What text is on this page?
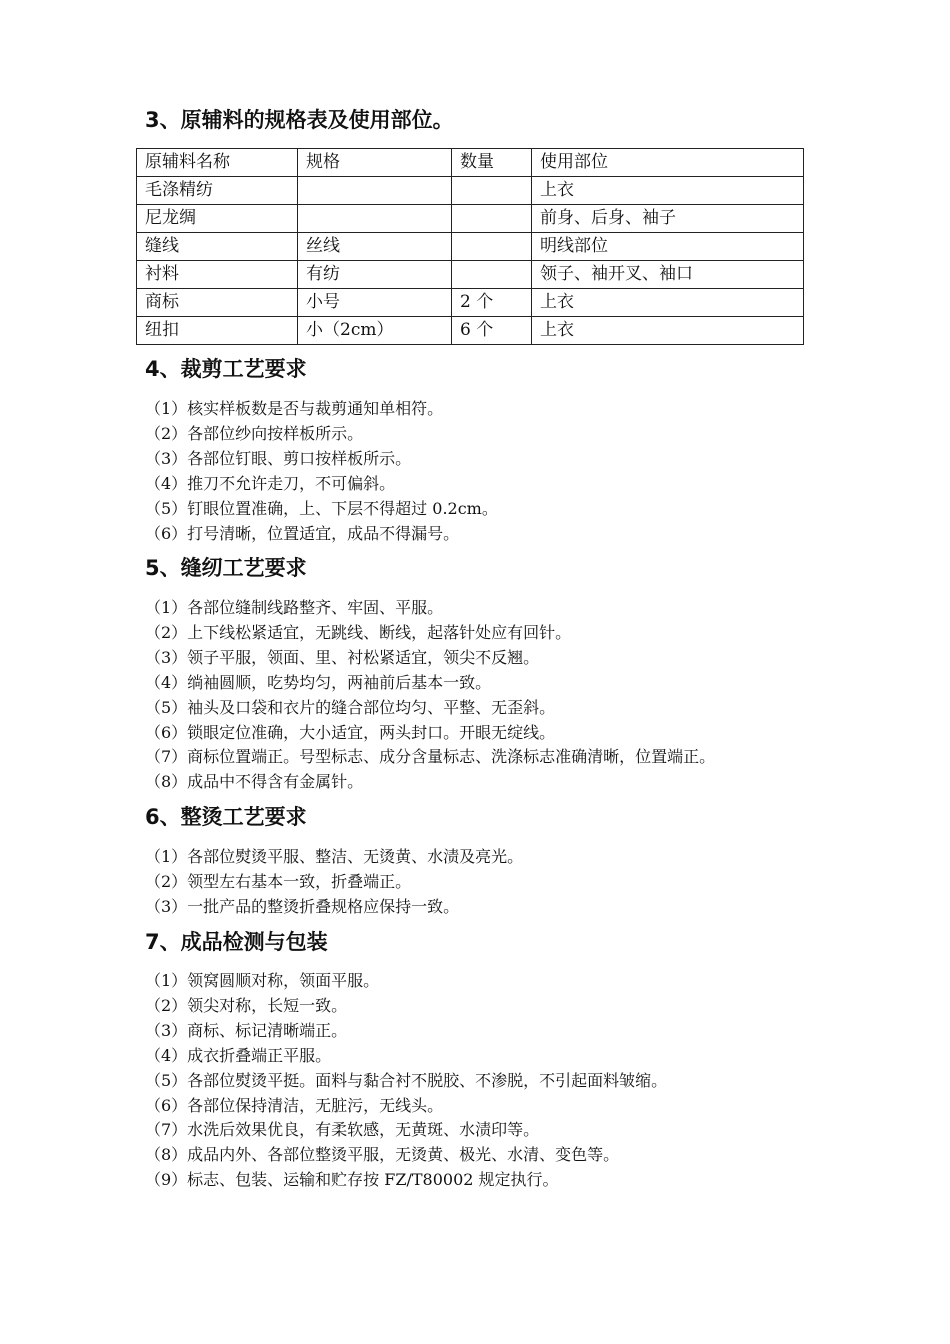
3、原辅料的规格表及使用部位。
原辅料名称	规格	数量	使用部位
毛涤精纺			上衣
尼龙绸			前身、后身、袖子
缝线	丝线		明线部位
衬料	有纺		领子、袖开叉、袖口
商标	小号	2 个	上衣
纽扣	小（2cm）	6 个	上衣
4、裁剪工艺要求
（1）核实样板数是否与裁剪通知单相符。
（2）各部位纱向按样板所示。
（3）各部位钉眼、剪口按样板所示。
（4）推刀不允许走刀，不可偏斜。
（5）钉眼位置准确，上、下层不得超过 0.2cm。
（6）打号清晰，位置适宜，成品不得漏号。
5、缝纫工艺要求
（1）各部位缝制线路整齐、牢固、平服。
（2）上下线松紧适宜，无跳线、断线，起落针处应有回针。
（3）领子平服，领面、里、衬松紧适宜，领尖不反翘。
（4）绱袖圆顺，吃势均匀，两袖前后基本一致。
（5）袖头及口袋和衣片的缝合部位均匀、平整、无歪斜。
（6）锁眼定位准确，大小适宜，两头封口。开眼无绽线。
（7）商标位置端正。号型标志、成分含量标志、洗涤标志准确清晰，位置端正。
（8）成品中不得含有金属针。
6、整烫工艺要求
（1）各部位熨烫平服、整洁、无烫黄、水渍及亮光。
（2）领型左右基本一致，折叠端正。
（3）一批产品的整烫折叠规格应保持一致。
7、成品检测与包装
（1）领窝圆顺对称，领面平服。
（2）领尖对称，长短一致。
（3）商标、标记清晰端正。
（4）成衣折叠端正平服。
（5）各部位熨烫平挺。面料与黏合衬不脱胶、不渗脱，不引起面料皱缩。
（6）各部位保持清洁，无脏污，无线头。
（7）水洗后效果优良，有柔软感，无黄斑、水渍印等。
（8）成品内外、各部位整烫平服，无烫黄、极光、水清、变色等。
（9）标志、包装、运输和贮存按 FZ/T80002 规定执行。
